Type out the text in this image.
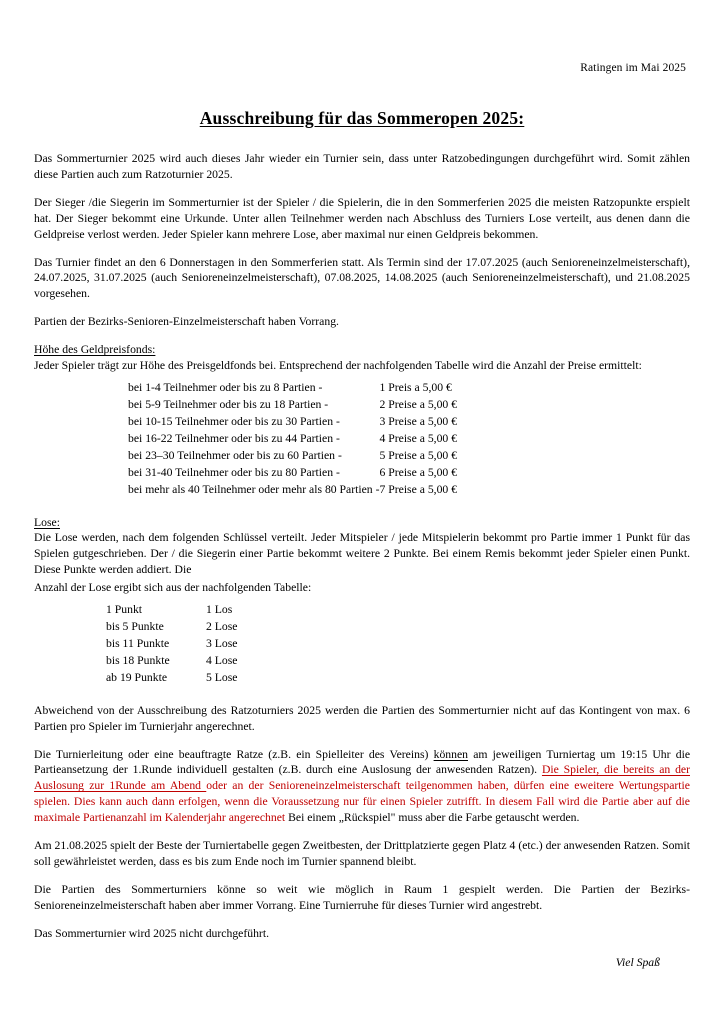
Ratingen im Mai 2025
Ausschreibung für das Sommeropen 2025:

Das Sommerturnier 2025 wird auch dieses Jahr wieder ein Turnier sein, dass unter Ratzobedingungen durchgeführt wird. Somit zählen diese Partien auch zum Ratzoturnier 2025.

Der Sieger /die Siegerin im Sommerturnier ist der Spieler / die Spielerin, die in den Sommerferien 2025 die meisten Ratzopunkte erspielt hat. Der Sieger bekommt eine Urkunde. Unter allen Teilnehmer werden nach Abschluss des Turniers Lose verteilt, aus denen dann die Geldpreise verlost werden. Jeder Spieler kann mehrere Lose, aber maximal nur einen Geldpreis bekommen.

Das Turnier findet an den 6 Donnerstagen in den Sommerferien statt. Als Termin sind der 17.07.2025 (auch Senioreneinzelmeisterschaft), 24.07.2025, 31.07.2025 (auch Senioreneinzelmeisterschaft), 07.08.2025, 14.08.2025 (auch Senioreneinzelmeisterschaft), und 21.08.2025 vorgesehen.

Partien der Bezirks-Senioren-Einzelmeisterschaft haben Vorrang.

Höhe des Geldpreisfonds:

Jeder Spieler trägt zur Höhe des Preisgeldfonds bei. Entsprechend der nachfolgenden Tabelle wird die Anzahl der Preise ermittelt:

bei 1-4 Teilnehmer oder bis zu 8 Partien -	1 Preis a 5,00 €
bei 5-9 Teilnehmer oder bis zu 18 Partien -	2 Preise a 5,00 €
bei 10-15 Teilnehmer oder bis zu 30 Partien -	3 Preise a 5,00 €
bei 16-22 Teilnehmer oder bis zu 44 Partien -	4 Preise a 5,00 €
bei 23–30 Teilnehmer oder bis zu 60 Partien -	5 Preise a 5,00 €
bei 31-40 Teilnehmer oder bis zu 80 Partien -	6 Preise a 5,00 €
bei mehr als 40 Teilnehmer oder mehr als 80 Partien -	7 Preise a 5,00 €

Lose:

Die Lose werden, nach dem folgenden Schlüssel verteilt. Jeder Mitspieler / jede Mitspielerin bekommt pro Partie immer 1 Punkt für das Spielen gutgeschrieben. Der / die Siegerin einer Partie bekommt weitere 2 Punkte. Bei einem Remis bekommt jeder Spieler einen Punkt. Diese Punkte werden addiert. Die

Anzahl der Lose ergibt sich aus der nachfolgenden Tabelle:

1 Punkt	1 Los
bis 5 Punkte	2 Lose
bis 11 Punkte	3 Lose
bis 18 Punkte	4 Lose
ab 19 Punkte	5 Lose

Abweichend von der Ausschreibung des Ratzoturniers 2025 werden die Partien des Sommerturnier nicht auf das Kontingent von max. 6 Partien pro Spieler im Turnierjahr angerechnet.

Die Turnierleitung oder eine beauftragte Ratze (z.B. ein Spielleiter des Vereins) können am jeweiligen Turniertag um 19:15 Uhr die Partieansetzung der 1.Runde individuell gestalten (z.B. durch eine Auslosung der anwesenden Ratzen). Die Spieler, die bereits an der Auslosung zur 1Runde am Abend oder an der Senioreneinzelmeisterschaft teilgenommen haben, dürfen eine eweitere Wertungspartie spielen. Dies kann auch dann erfolgen, wenn die Voraussetzung nur für einen Spieler zutrifft. In diesem Fall wird die Partie aber auf die maximale Partienanzahl im Kalenderjahr angerechnet Bei einem „Rückspiel" muss aber die Farbe getauscht werden.

Am 21.08.2025 spielt der Beste der Turniertabelle gegen Zweitbesten, der Drittplatzierte gegen Platz 4 (etc.) der anwesenden Ratzen. Somit soll gewährleistet werden, dass es bis zum Ende noch im Turnier spannend bleibt.

Die Partien des Sommerturniers könne so weit wie möglich in Raum 1 gespielt werden. Die Partien der Bezirks-Senioreneinzelmeisterschaft haben aber immer Vorrang. Eine Turnierruhe für dieses Turnier wird angestrebt.

Das Sommerturnier wird 2025 nicht durchgeführt.

Viel Spaß
